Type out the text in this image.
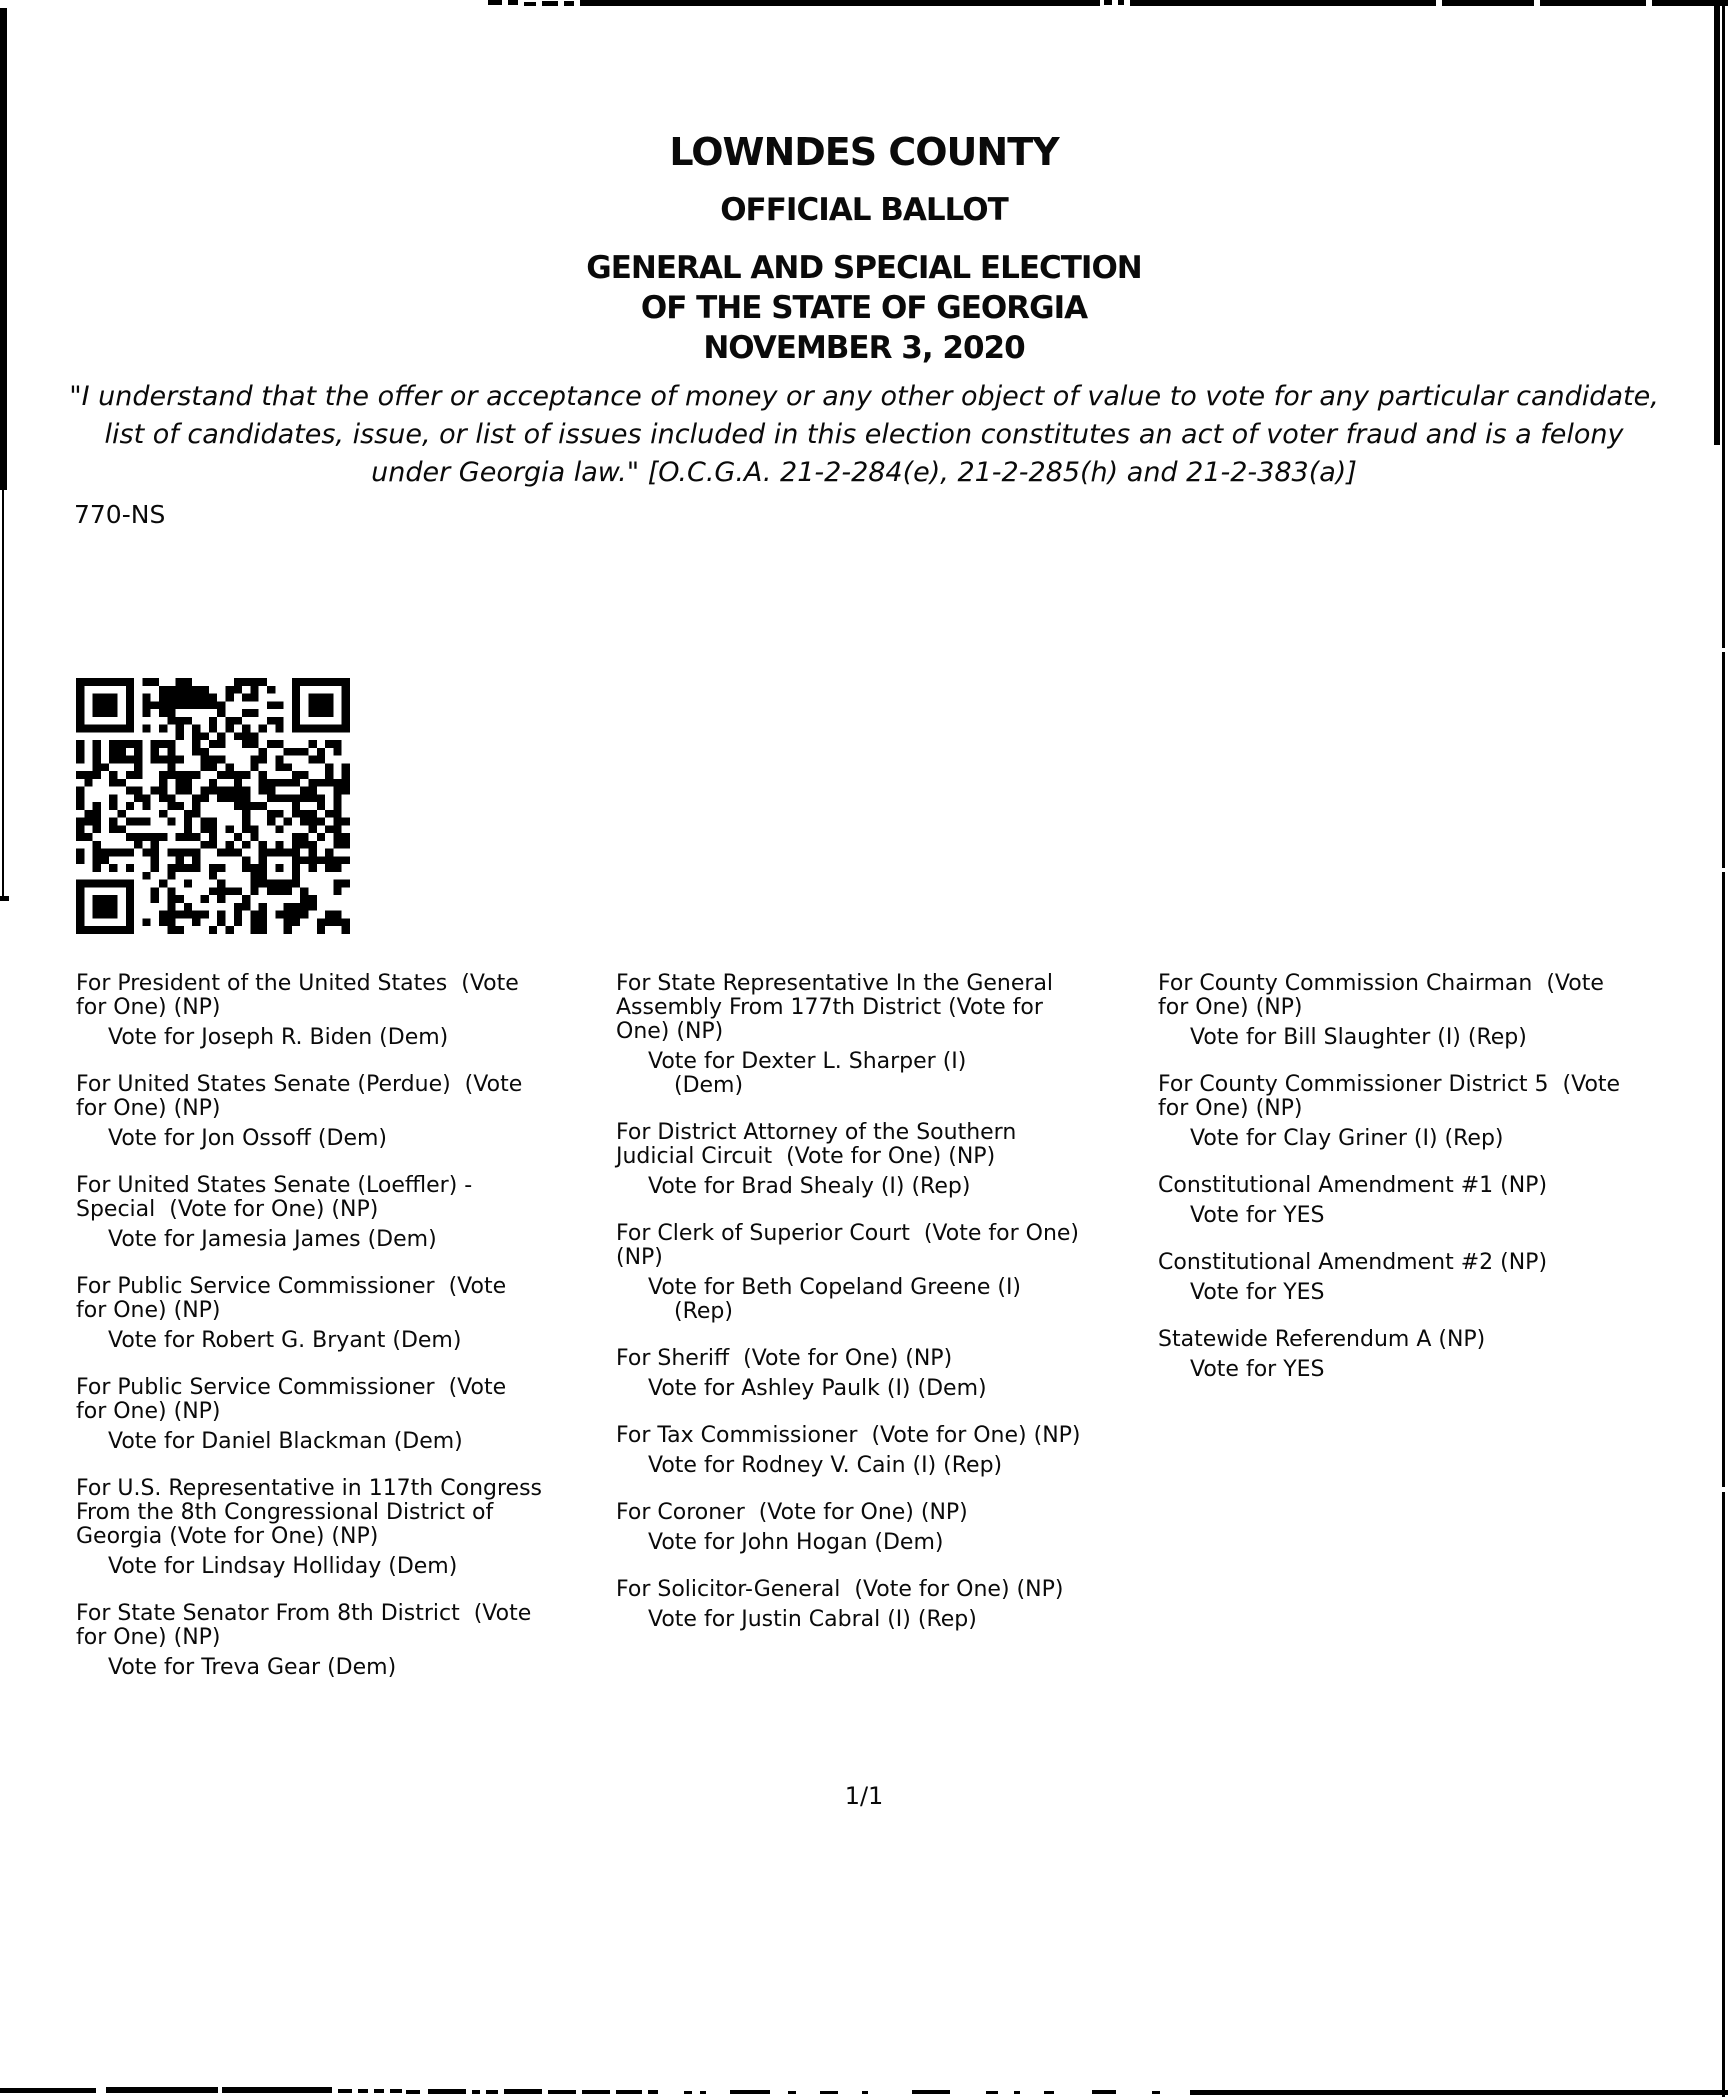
LOWNDES COUNTY
OFFICIAL BALLOT
GENERAL AND SPECIAL ELECTION
OF THE STATE OF GEORGIA
NOVEMBER 3, 2020
"I understand that the offer or acceptance of money or any other object of value to vote for any particular candidate,
list of candidates, issue, or list of issues included in this election constitutes an act of voter fraud and is a felony
under Georgia law." [O.C.G.A. 21-2-284(e), 21-2-285(h) and 21-2-383(a)]
770-NS
For President of the United States  (Vote
for One) (NP)
Vote for Joseph R. Biden (Dem)
For United States Senate (Perdue)  (Vote
for One) (NP)
Vote for Jon Ossoff (Dem)
For United States Senate (Loeffler) -
Special  (Vote for One) (NP)
Vote for Jamesia James (Dem)
For Public Service Commissioner  (Vote
for One) (NP)
Vote for Robert G. Bryant (Dem)
For Public Service Commissioner  (Vote
for One) (NP)
Vote for Daniel Blackman (Dem)
For U.S. Representative in 117th Congress
From the 8th Congressional District of
Georgia (Vote for One) (NP)
Vote for Lindsay Holliday (Dem)
For State Senator From 8th District  (Vote
for One) (NP)
Vote for Treva Gear (Dem)
For State Representative In the General
Assembly From 177th District (Vote for
One) (NP)
Vote for Dexter L. Sharper (I)
(Dem)
For District Attorney of the Southern
Judicial Circuit  (Vote for One) (NP)
Vote for Brad Shealy (I) (Rep)
For Clerk of Superior Court  (Vote for One)
(NP)
Vote for Beth Copeland Greene (I)
(Rep)
For Sheriff  (Vote for One) (NP)
Vote for Ashley Paulk (I) (Dem)
For Tax Commissioner  (Vote for One) (NP)
Vote for Rodney V. Cain (I) (Rep)
For Coroner  (Vote for One) (NP)
Vote for John Hogan (Dem)
For Solicitor-General  (Vote for One) (NP)
Vote for Justin Cabral (I) (Rep)
For County Commission Chairman  (Vote
for One) (NP)
Vote for Bill Slaughter (I) (Rep)
For County Commissioner District 5  (Vote
for One) (NP)
Vote for Clay Griner (I) (Rep)
Constitutional Amendment #1 (NP)
Vote for YES
Constitutional Amendment #2 (NP)
Vote for YES
Statewide Referendum A (NP)
Vote for YES
1/1
